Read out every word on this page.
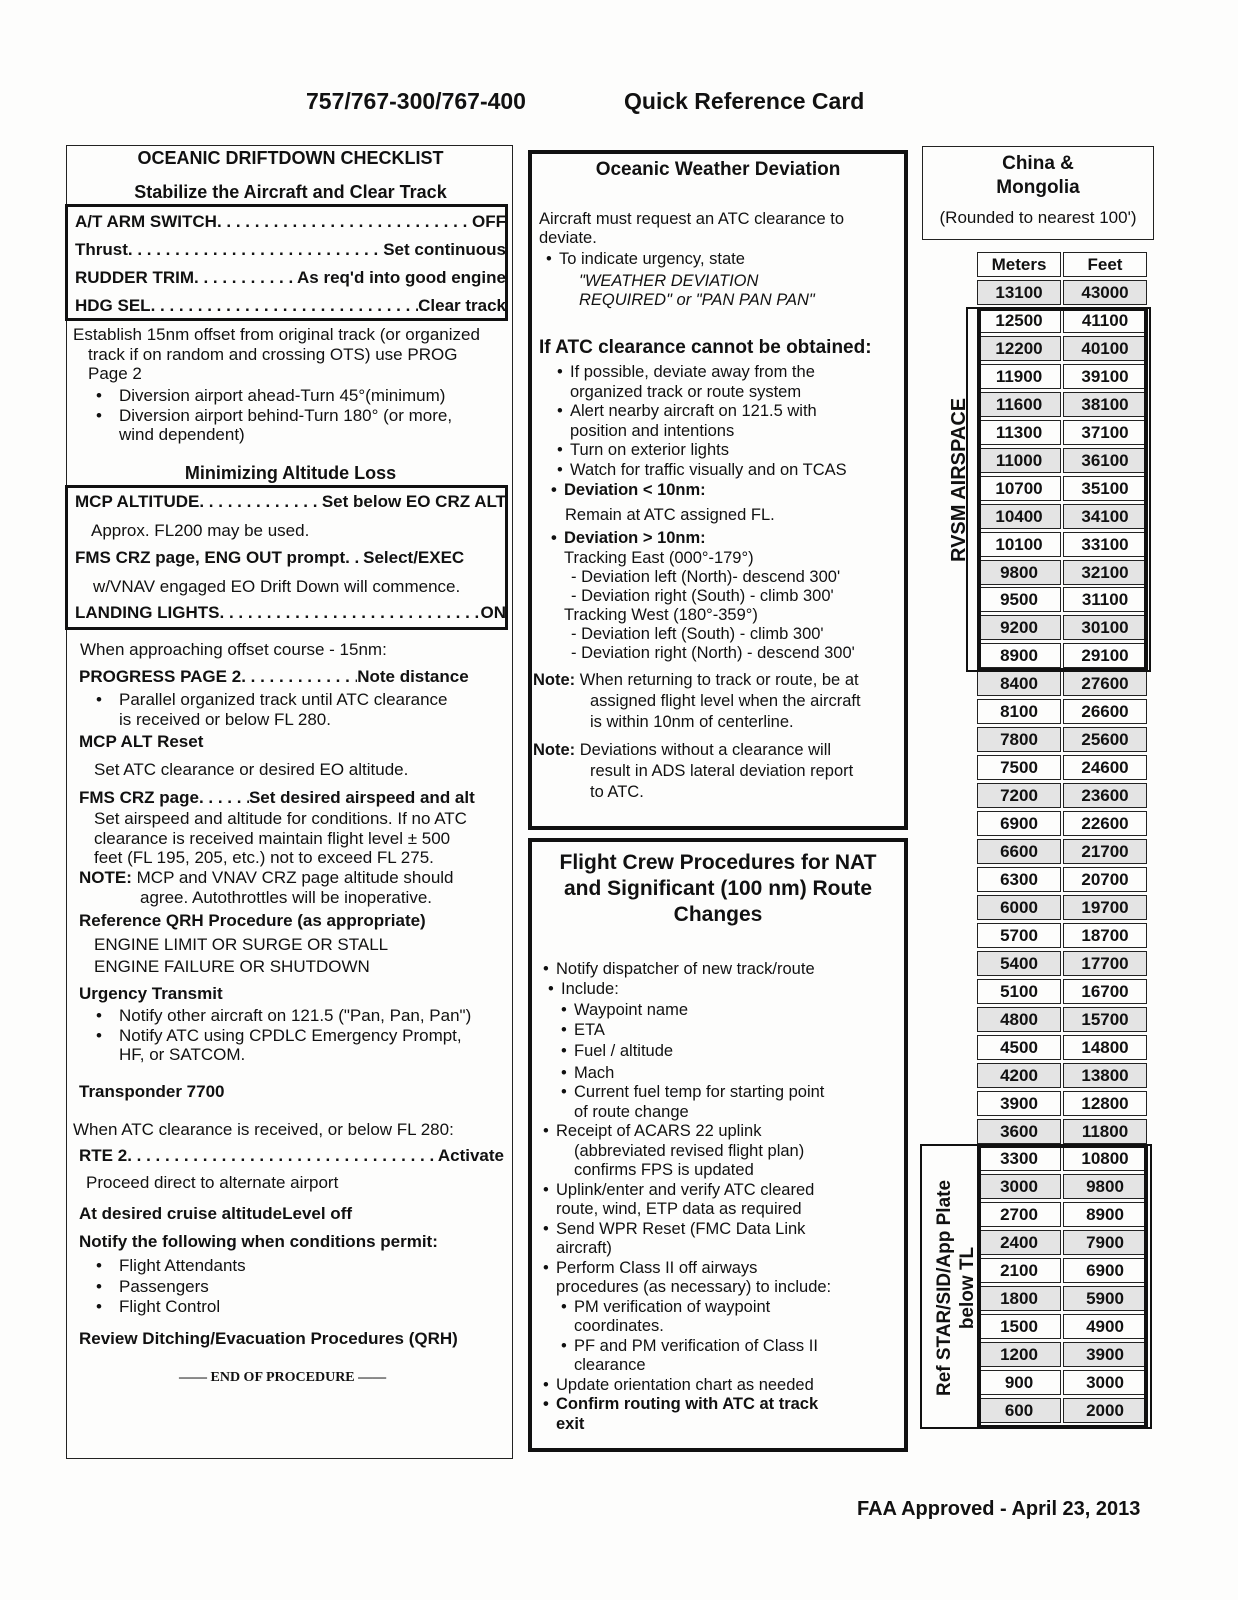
757/767-300/767-400	Quick Reference Card
OCEANIC DRIFTDOWN CHECKLIST
Stabilize the Aircraft and Clear Track
A/T ARM SWITCH . . .	OFF
Thrust . . .	Set continuous
RUDDER TRIM . . .	As req'd into good engine
HDG SEL . . .	Clear track
Establish 15nm offset from original track (or organized
track if on random and crossing OTS) use PROG
Page 2
• Diversion airport ahead-Turn 45°(minimum)
• Diversion airport behind-Turn 180° (or more,
wind dependent)
Minimizing Altitude Loss
MCP ALTITUDE . . .	Set below EO CRZ ALT
Approx. FL200 may be used.
FMS CRZ page, ENG OUT prompt . . . Select/EXEC
w/VNAV engaged EO Drift Down will commence.
LANDING LIGHTS . . .	ON
When approaching offset course - 15nm:
PROGRESS PAGE 2 . . .	Note distance
• Parallel organized track until ATC clearance
is received or below FL 280.
MCP ALT Reset
Set ATC clearance or desired EO altitude.
FMS CRZ page . . .	Set desired airspeed and alt
Set airspeed and altitude for conditions. If no ATC
clearance is received maintain flight level ± 500
feet (FL 195, 205, etc.) not to exceed FL 275.
NOTE: MCP and VNAV CRZ page altitude should
agree. Autothrottles will be inoperative.
Reference QRH Procedure (as appropriate)
ENGINE LIMIT OR SURGE OR STALL
ENGINE FAILURE OR SHUTDOWN
Urgency Transmit
• Notify other aircraft on 121.5 ("Pan, Pan, Pan")
• Notify ATC using CPDLC Emergency Prompt,
HF, or SATCOM.
Transponder 7700
When ATC clearance is received, or below FL 280:
RTE 2 . . .	Activate
Proceed direct to alternate airport
At desired cruise altitudeLevel off
Notify the following when conditions permit:
• Flight Attendants
• Passengers
• Flight Control
Review Ditching/Evacuation Procedures (QRH)
—— END OF PROCEDURE ——
Oceanic Weather Deviation
Aircraft must request an ATC clearance to
deviate.
• To indicate urgency, state
"WEATHER DEVIATION
REQUIRED" or "PAN PAN PAN"
If ATC clearance cannot be obtained:
• If possible, deviate away from the
organized track or route system
• Alert nearby aircraft on 121.5 with
position and intentions
• Turn on exterior lights
• Watch for traffic visually and on TCAS
• Deviation < 10nm:
Remain at ATC assigned FL.
• Deviation > 10nm:
Tracking East (000°-179°)
- Deviation left (North)- descend 300'
- Deviation right (South) - climb 300'
Tracking West (180°-359°)
- Deviation left (South) - climb 300'
- Deviation right (North) - descend 300'
Note: When returning to track or route, be at
assigned flight level when the aircraft
is within 10nm of centerline.
Note: Deviations without a clearance will
result in ADS lateral deviation report
to ATC.
Flight Crew Procedures for NAT
and Significant (100 nm) Route
Changes
• Notify dispatcher of new track/route
• Include:
• Waypoint name
• ETA
• Fuel / altitude
• Mach
• Current fuel temp for starting point
of route change
• Receipt of ACARS 22 uplink
(abbreviated revised flight plan)
confirms FPS is updated
• Uplink/enter and verify ATC cleared
route, wind, ETP data as required
• Send WPR Reset (FMC Data Link
aircraft)
• Perform Class II off airways
procedures (as necessary) to include:
• PM verification of waypoint
coordinates.
• PF and PM verification of Class II
clearance
• Update orientation chart as needed
• Confirm routing with ATC at track
exit
China &
Mongolia
(Rounded to nearest 100')
Meters	Feet
13100	43000
12500	41100
12200	40100
11900	39100
11600	38100
11300	37100
11000	36100
10700	35100
10400	34100
10100	33100
9800	32100
9500	31100
9200	30100
8900	29100
8400	27600
8100	26600
7800	25600
7500	24600
7200	23600
6900	22600
6600	21700
6300	20700
6000	19700
5700	18700
5400	17700
5100	16700
4800	15700
4500	14800
4200	13800
3900	12800
3600	11800
3300	10800
3000	9800
2700	8900
2400	7900
2100	6900
1800	5900
1500	4900
1200	3900
900	3000
600	2000
RVSM AIRSPACE
Ref STAR/SID/App Plate below TL
FAA Approved - April 23, 2013
